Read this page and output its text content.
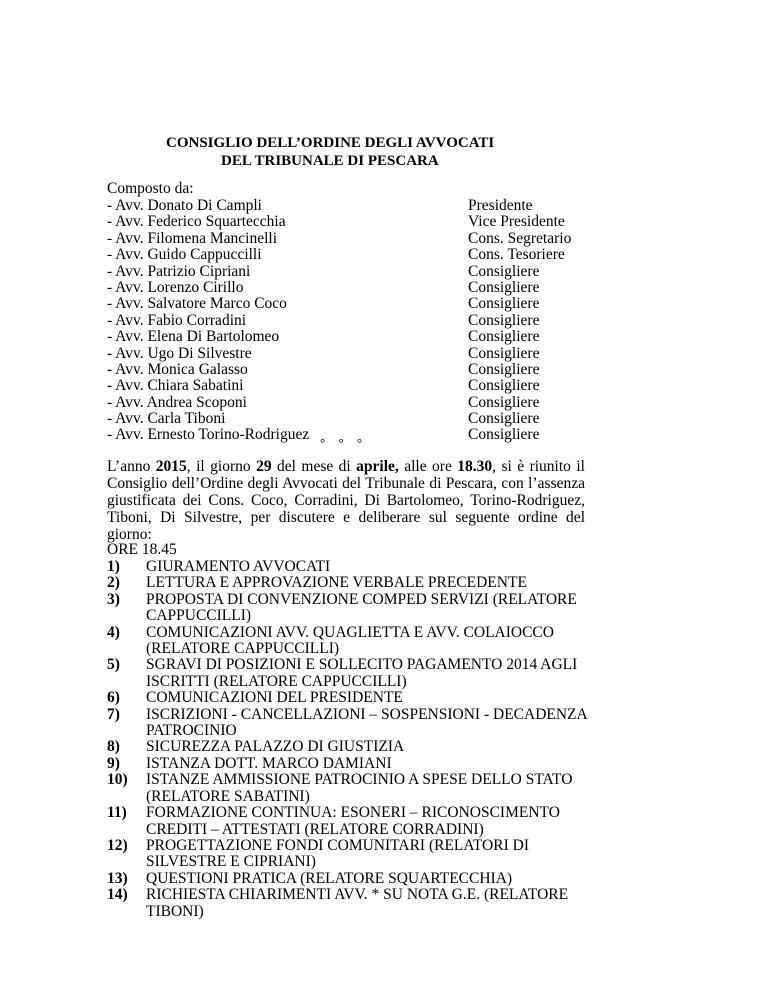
CONSIGLIO DELL’ORDINE DEGLI AVVOCATI
DEL TRIBUNALE DI PESCARA
Composto da:
- Avv. Donato Di Campli	Presidente
- Avv. Federico Squartecchia	Vice Presidente
- Avv. Filomena Mancinelli	Cons. Segretario
- Avv. Guido Cappuccilli	Cons. Tesoriere
- Avv. Patrizio Cipriani	Consigliere
- Avv. Lorenzo Cirillo	Consigliere
- Avv. Salvatore Marco Coco	Consigliere
- Avv. Fabio Corradini	Consigliere
- Avv. Elena Di Bartolomeo	Consigliere
- Avv. Ugo Di Silvestre	Consigliere
- Avv. Monica Galasso	Consigliere
- Avv. Chiara Sabatini	Consigliere
- Avv. Andrea Scoponi	Consigliere
- Avv. Carla Tiboni	Consigliere
- Avv. Ernesto Torino-Rodriguez	Consigliere
° ° °
L’anno 2015, il giorno 29 del mese di aprile, alle ore 18.30, si è riunito il Consiglio dell’Ordine degli Avvocati del Tribunale di Pescara, con l’assenza giustificata dei Cons. Coco, Corradini, Di Bartolomeo, Torino-Rodriguez, Tiboni, Di Silvestre, per discutere e deliberare sul seguente ordine del giorno:
ORE 18.45
1) GIURAMENTO AVVOCATI
2) LETTURA E APPROVAZIONE VERBALE PRECEDENTE
3) PROPOSTA DI CONVENZIONE COMPED SERVIZI (RELATORE CAPPUCCILLI)
4) COMUNICAZIONI AVV. QUAGLIETTA E AVV. COLAIOCCO (RELATORE CAPPUCCILLI)
5) SGRAVI DI POSIZIONI E SOLLECITO PAGAMENTO 2014 AGLI ISCRITTI (RELATORE CAPPUCCILLI)
6) COMUNICAZIONI DEL PRESIDENTE
7) ISCRIZIONI - CANCELLAZIONI – SOSPENSIONI - DECADENZA PATROCINIO
8) SICUREZZA PALAZZO DI GIUSTIZIA
9) ISTANZA DOTT. MARCO DAMIANI
10) ISTANZE AMMISSIONE PATROCINIO A SPESE DELLO STATO (RELATORE SABATINI)
11) FORMAZIONE CONTINUA: ESONERI – RICONOSCIMENTO CREDITI – ATTESTATI (RELATORE CORRADINI)
12) PROGETTAZIONE FONDI COMUNITARI (RELATORI DI SILVESTRE E CIPRIANI)
13) QUESTIONI PRATICA (RELATORE SQUARTECCHIA)
14) RICHIESTA CHIARIMENTI AVV. * SU NOTA G.E. (RELATORE TIBONI)
